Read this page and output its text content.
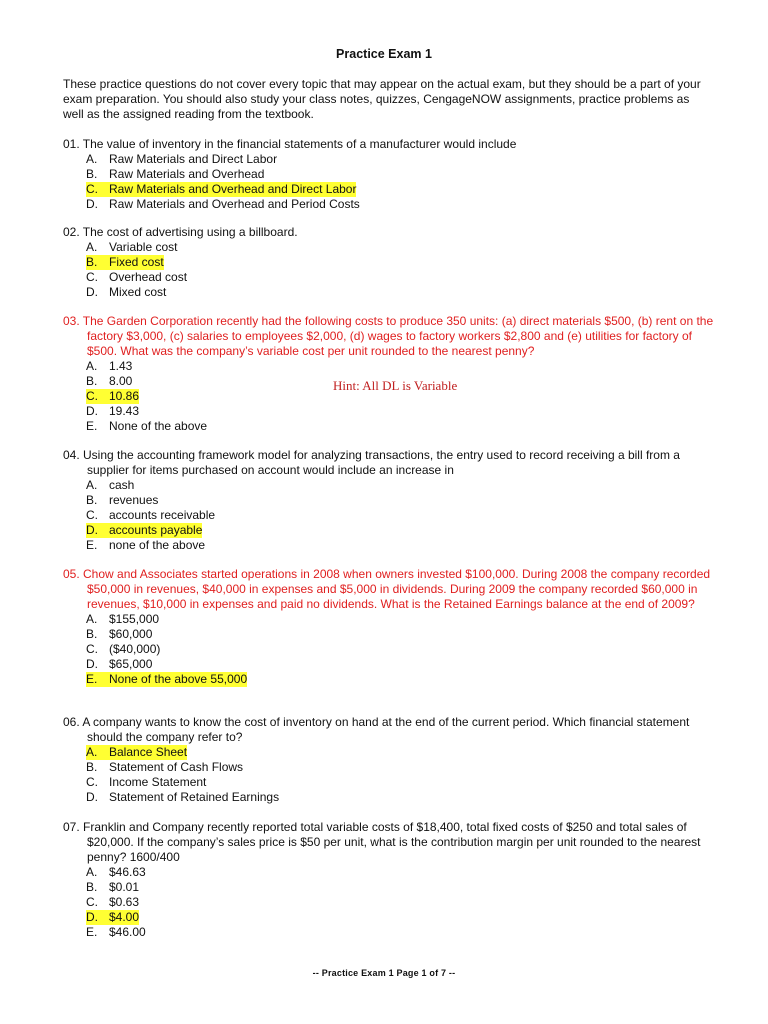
Practice Exam 1
These practice questions do not cover every topic that may appear on the actual exam, but they should be a part of your exam preparation. You should also study your class notes, quizzes, CengageNOW assignments, practice problems as well as the assigned reading from the textbook.
01. The value of inventory in the financial statements of a manufacturer would include
A. Raw Materials and Direct Labor
B. Raw Materials and Overhead
C. Raw Materials and Overhead and Direct Labor
D. Raw Materials and Overhead and Period Costs
02. The cost of advertising using a billboard.
A. Variable cost
B. Fixed cost
C. Overhead cost
D. Mixed cost
03. The Garden Corporation recently had the following costs to produce 350 units: (a) direct materials $500, (b) rent on the factory $3,000, (c) salaries to employees $2,000, (d) wages to factory workers $2,800 and (e) utilities for factory of $500. What was the company’s variable cost per unit rounded to the nearest penny?
A. 1.43
B. 8.00
C. 10.86
D. 19.43
E. None of the above
Hint: All DL is Variable
04. Using the accounting framework model for analyzing transactions, the entry used to record receiving a bill from a supplier for items purchased on account would include an increase in
A. cash
B. revenues
C. accounts receivable
D. accounts payable
E. none of the above
05. Chow and Associates started operations in 2008 when owners invested $100,000. During 2008 the company recorded $50,000 in revenues, $40,000 in expenses and $5,000 in dividends. During 2009 the company recorded $60,000 in revenues, $10,000 in expenses and paid no dividends. What is the Retained Earnings balance at the end of 2009?
A. $155,000
B. $60,000
C. ($40,000)
D. $65,000
E. None of the above 55,000
06. A company wants to know the cost of inventory on hand at the end of the current period. Which financial statement should the company refer to?
A. Balance Sheet
B. Statement of Cash Flows
C. Income Statement
D. Statement of Retained Earnings
07. Franklin and Company recently reported total variable costs of $18,400, total fixed costs of $250 and total sales of $20,000. If the company’s sales price is $50 per unit, what is the contribution margin per unit rounded to the nearest penny? 1600/400
A. $46.63
B. $0.01
C. $0.63
D. $4.00
E. $46.00
-- Practice Exam 1 Page 1 of 7 --
